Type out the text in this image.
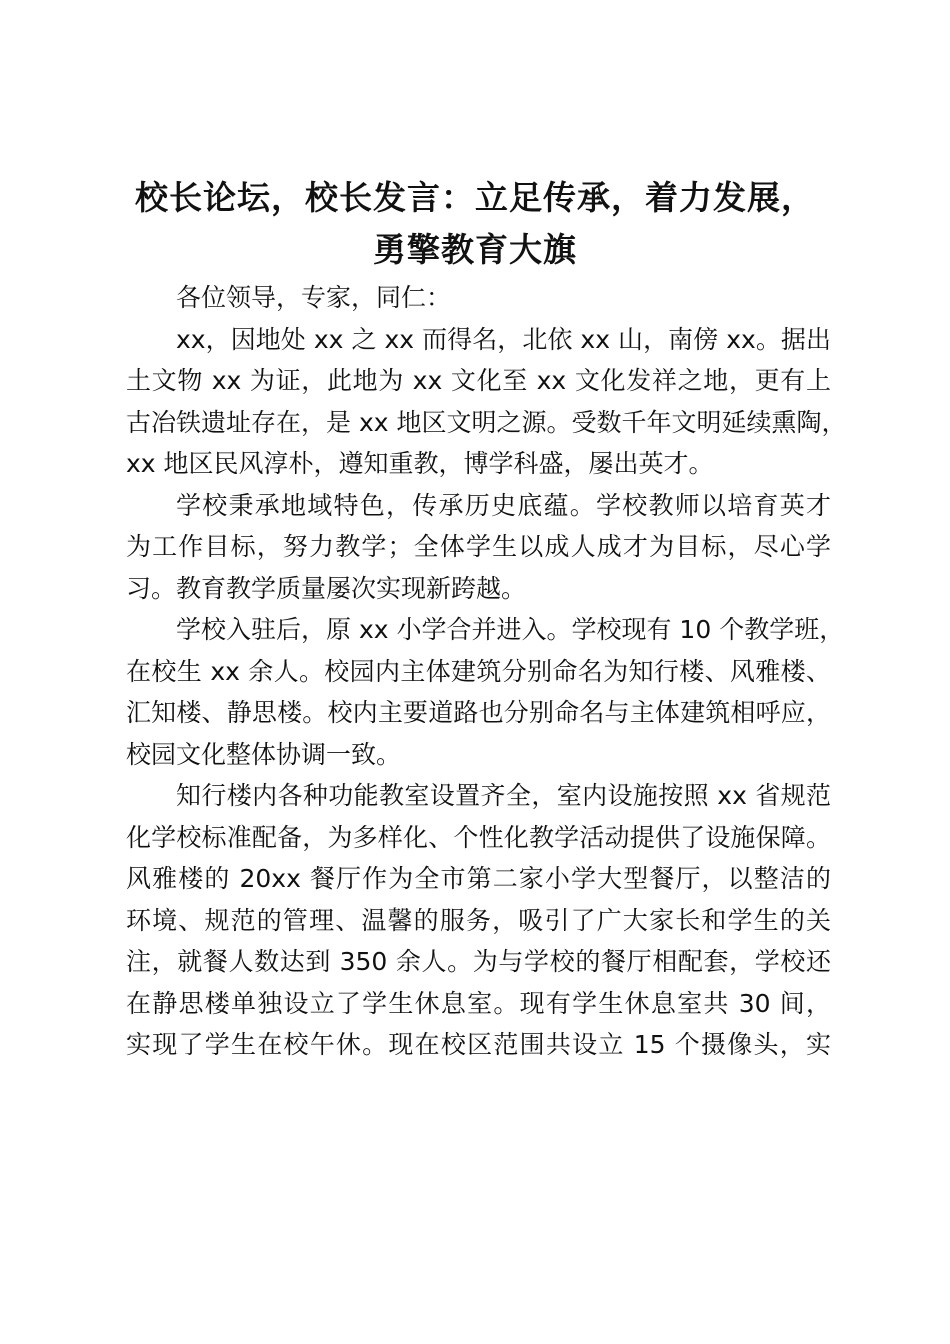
校长论坛，校长发言：立足传承，着力发展，
勇擎教育大旗

各位领导，专家，同仁：

xx，因地处 xx 之 xx 而得名，北依 xx 山，南傍 xx。据出
土文物 xx 为证，此地为 xx 文化至 xx 文化发祥之地，更有上
古冶铁遗址存在，是 xx 地区文明之源。受数千年文明延续熏陶，
xx 地区民风淳朴，遵知重教，博学科盛，屡出英才。

学校秉承地域特色，传承历史底蕴。学校教师以培育英才
为工作目标，努力教学；全体学生以成人成才为目标，尽心学
习。教育教学质量屡次实现新跨越。

学校入驻后，原 xx 小学合并进入。学校现有 10 个教学班，
在校生 xx 余人。校园内主体建筑分别命名为知行楼、风雅楼、
汇知楼、静思楼。校内主要道路也分别命名与主体建筑相呼应，
校园文化整体协调一致。

知行楼内各种功能教室设置齐全，室内设施按照 xx 省规范
化学校标准配备，为多样化、个性化教学活动提供了设施保障。
风雅楼的 20xx 餐厅作为全市第二家小学大型餐厅，以整洁的
环境、规范的管理、温馨的服务，吸引了广大家长和学生的关
注，就餐人数达到 350 余人。为与学校的餐厅相配套，学校还
在静思楼单独设立了学生休息室。现有学生休息室共 30 间，
实现了学生在校午休。现在校区范围共设立 15 个摄像头，实
